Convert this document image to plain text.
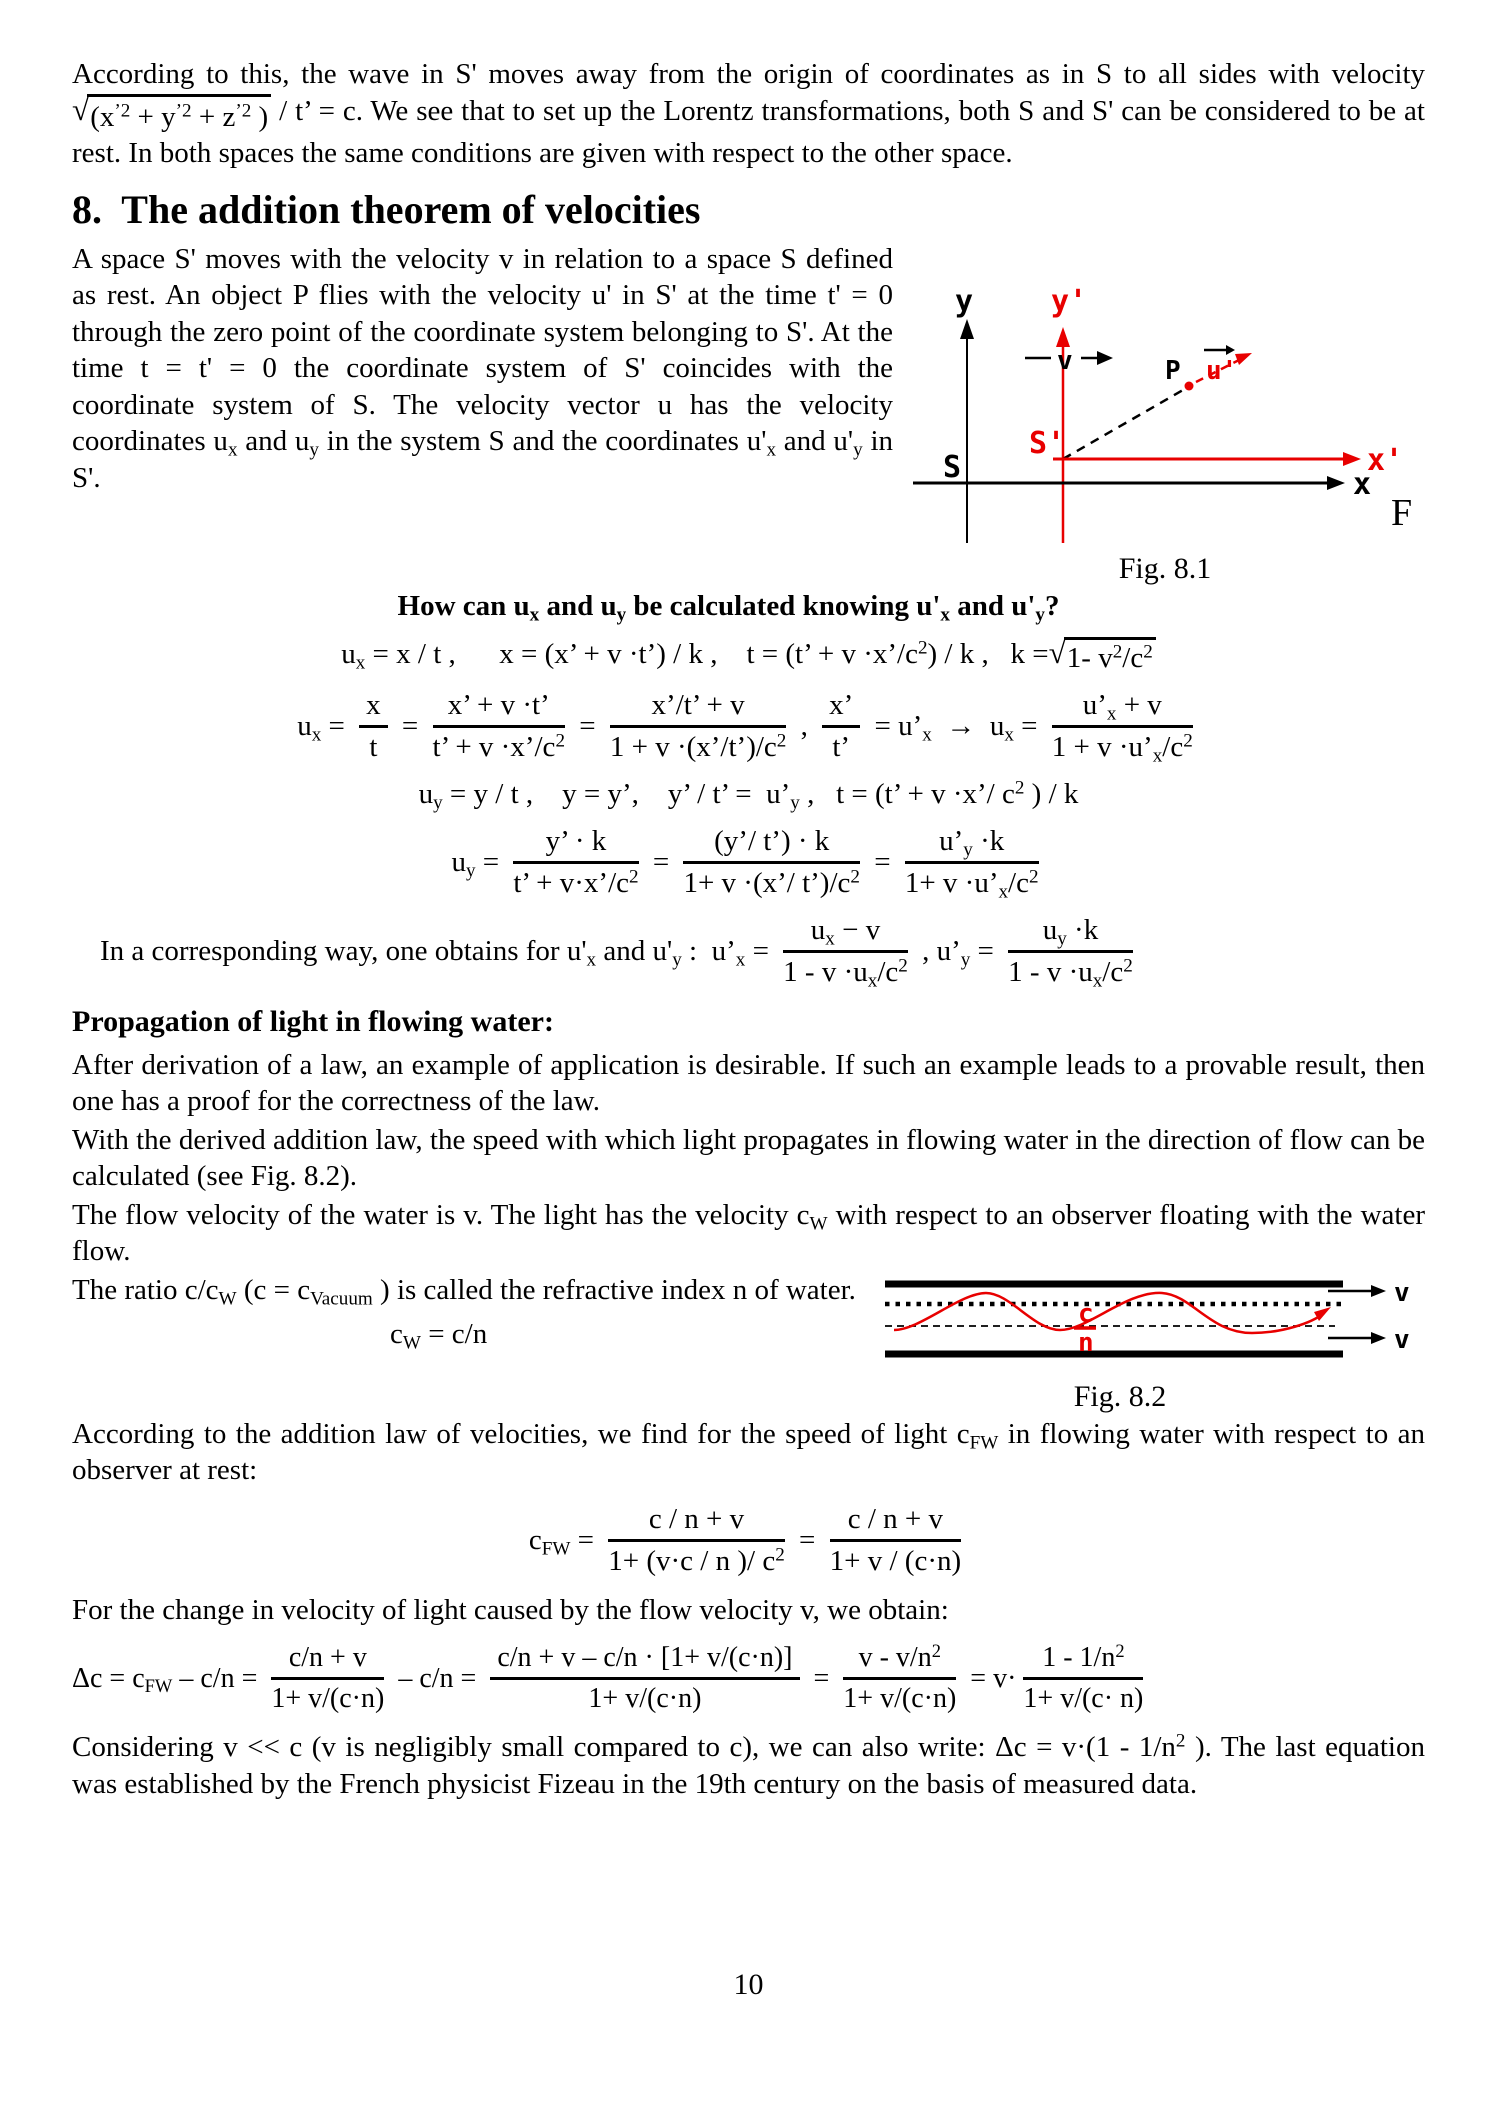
According to this, the wave in S' moves away from the origin of coordinates as in S to all sides with velocity
√ ($x^{’2} + y^{’2} + z^{’2}$ ) / t’ = c. We see that to set up the Lorentz transformations, both S and S' can be considered to be at rest. In both spaces the same conditions are given with respect to the other space.

8.  The addition theorem of velocities
y	y'
v	P u'
x'
x
S
S'
F
Fig. 8.1

A space S' moves with the velocity v in relation to a space S defined as rest. An object P flies with the velocity u' in S' at the time t' = 0 through the zero point of the coordinate system belonging to S'. At the time t = t' = 0 the coordinate system of S' coincides with the coordinate system of S. The velocity vector u has the velocity coordinates $u_x$ and $u_y$ in the system S and the coordinates $u'_x$ and $u'_y$ in S'.

How can $u_x$ and $u_y$ be calculated knowing $u'_x$ and $u'_y$?
$u_x = x / t$ ,      x = (x’ + v ·t’) / k ,    t = (t’ + $v \cdot x’/c^2) / k$ ,   k = √ 1- $v^2/c^2$
$u_x = \frac{x}{t} = \frac{x’ + v \cdot t’}{t’ + v \cdot x’/c^2} = \frac{x’/t’ + v}{1 + v \cdot(x’/t’)/c^2}$ , $\frac{x’}{t’}$ = $u’_x \to u_x = \frac{u’_x + v}{1 + v \cdot u’_x/c^2}$
$u_y = y / t$ ,    y = y’,    y’ / t’ =  $u’_y$ ,   t = (t’ + v ·x’/ $c^2$ ) / k
$u_y = \frac{y’ \cdot k}{t’ + v\cdot x’/c^2} = \frac{(y’/ t’) \cdot k}{1+ v \cdot(x’/ t’)/c^2} = \frac{u’_y \cdot k}{1+ v \cdot u’_x/c^2}$
In a corresponding way, one obtains for $u'_x$ and $u'_y$ :  $u’_x = \frac{u_x - v}{1 - v \cdot u_x/c^2}$ , $u’_y = \frac{u_y \cdot k}{1 - v \cdot u_x/c^2}$
Propagation of light in flowing water:

After derivation of a law, an example of application is desirable. If such an example leads to a provable result, then one has a proof for the correctness of the law.

With the derived addition law, the speed with which light propagates in flowing water in the direction of flow can be calculated (see Fig. 8.2).

The flow velocity of the water is v. The light has the velocity $c_W$ with respect to an observer floating with the water flow.

c
n
v
v
Fig. 8.2

The ratio $c/c_W$ ($c = c_{Vacuum}$ ) is called the refractive index n of water.

$c_W = c/n$

According to the addition law of velocities, we find for the speed of light $c_{FW}$ in flowing water with respect to an observer at rest:

$c_{FW} = \frac{c / n + v}{1+ (v\cdot c / n )/ c^2} = \frac{c / n + v}{1+ v / (c\cdot n)}$

For the change in velocity of light caused by the flow velocity v, we obtain:

$\Delta c = c_{FW} - c/n = \frac{c/n + v}{1+ v/(c\cdot n)} - c/n = \frac{c/n + v - c/n \cdot [1+ v/(c\cdot n)]}{1+ v/(c\cdot n)} = \frac{v - v/n^2}{1+ v/(c\cdot n)} = v\cdot \frac{1 - 1/n^2}{1+ v/(c\cdot n)}$

Considering v << c (v is negligibly small compared to c), we can also write: $\Delta c = v\cdot(1 - 1/n^2$ ). The last equation was established by the French physicist Fizeau in the 19th century on the basis of measured data.

10
